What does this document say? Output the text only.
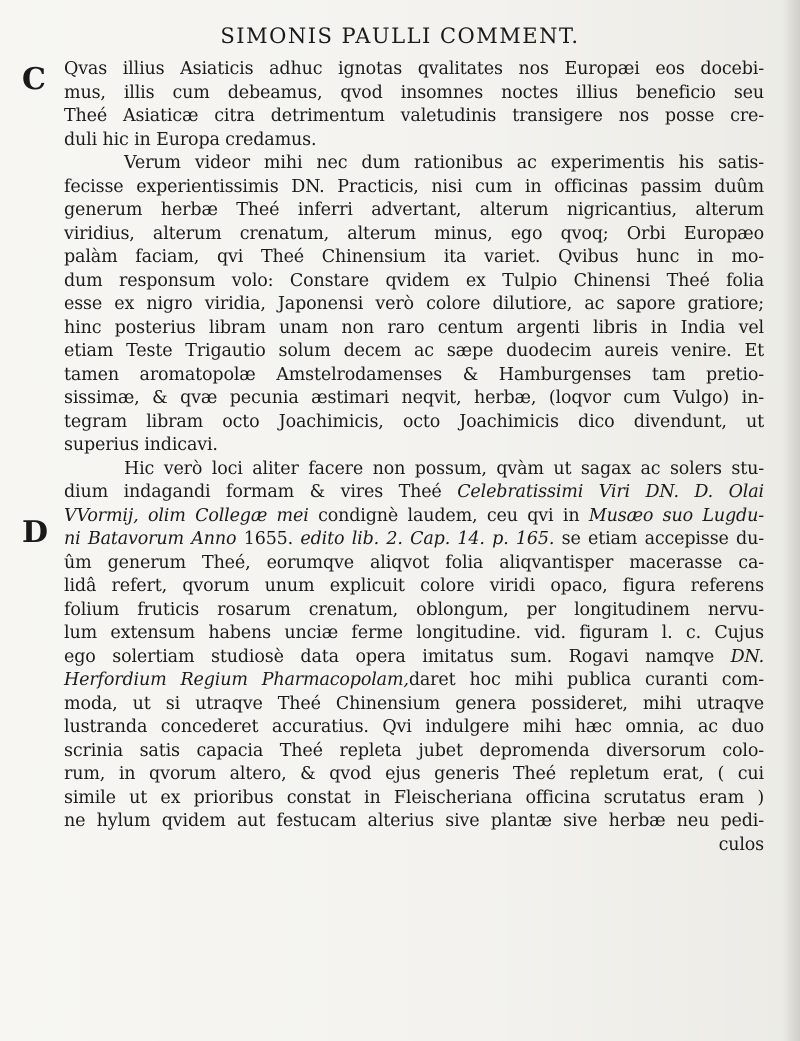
SIMONIS PAULLI COMMENT.
C
D
Qvas illius Asiaticis adhuc ignotas qvalitates nos Europæi eos docebi-
mus, illis cum debeamus, qvod insomnes noctes illius beneficio seu
Theé Asiaticæ citra detrimentum valetudinis transigere nos posse cre-
duli hic in Europa credamus.
Verum videor mihi nec dum rationibus ac experimentis his satis-
fecisse experientissimis DN. Practicis, nisi cum in officinas passim duûm
generum herbæ Theé inferri advertant, alterum nigricantius, alterum
viridius, alterum crenatum, alterum minus, ego qvoq; Orbi Europæo
palàm faciam, qvi Theé Chinensium ita variet. Qvibus hunc in mo-
dum responsum volo: Constare qvidem ex Tulpio Chinensi Theé folia
esse ex nigro viridia, Japonensi verò colore dilutiore, ac sapore gratiore;
hinc posterius libram unam non raro centum argenti libris in India vel
etiam Teste Trigautio solum decem ac sæpe duodecim aureis venire. Et
tamen aromatopolæ Amstelrodamenses & Hamburgenses tam pretio-
sissimæ, & qvæ pecunia æstimari neqvit, herbæ, (loqvor cum Vulgo) in-
tegram libram octo Joachimicis, octo Joachimicis dico divendunt, ut
superius indicavi.
Hic verò loci aliter facere non possum, qvàm ut sagax ac solers stu-
dium indagandi formam & vires Theé Celebratissimi Viri DN. D. Olai
VVormij, olim Collegæ mei condignè laudem, ceu qvi in Musæo suo Lugdu-
ni Batavorum Anno 1655. edito lib. 2. Cap. 14. p. 165. se etiam accepisse du-
ûm generum Theé, eorumqve aliqvot folia aliqvantisper macerasse ca-
lidâ refert, qvorum unum explicuit colore viridi opaco, figura referens
folium fruticis rosarum crenatum, oblongum, per longitudinem nervu-
lum extensum habens unciæ ferme longitudine. vid. figuram l. c. Cujus
ego solertiam studiosè data opera imitatus sum. Rogavi namqve DN.
Herfordium Regium Pharmacopolam,daret hoc mihi publica curanti com-
moda, ut si utraqve Theé Chinensium genera possideret, mihi utraqve
lustranda concederet accuratius. Qvi indulgere mihi hæc omnia, ac duo
scrinia satis capacia Theé repleta jubet depromenda diversorum colo-
rum, in qvorum altero, & qvod ejus generis Theé repletum erat, ( cui
simile ut ex prioribus constat in Fleischeriana officina scrutatus eram )
ne hylum qvidem aut festucam alterius sive plantæ sive herbæ neu pedi-
culos
